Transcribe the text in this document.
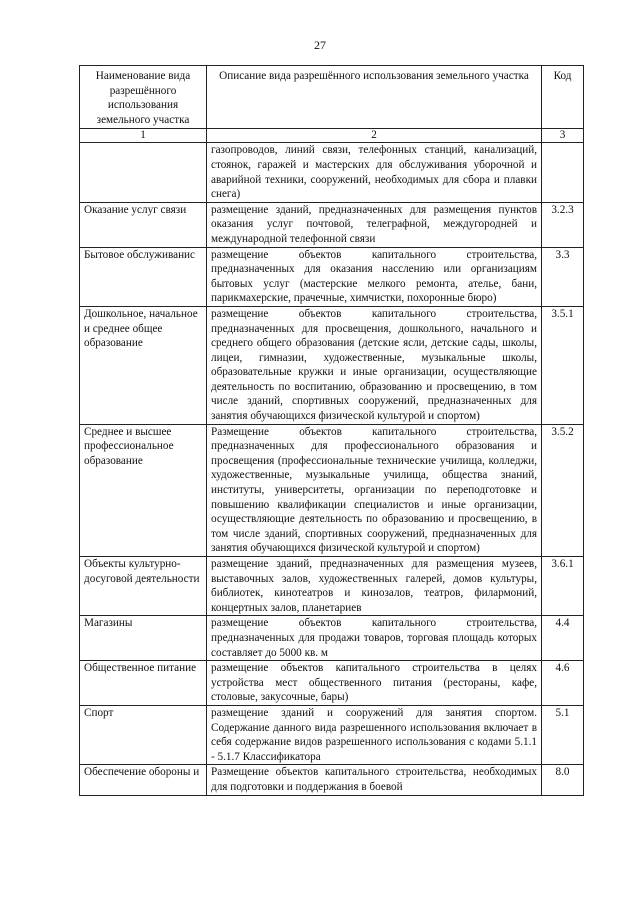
27
Наименование вида разрешённого использования земельного участка	Описание вида разрешённого использования земельного участка	Код
1	2	3
	газопроводов, линий связи, телефонных станций, канализаций, стоянок, гаражей и мастерских для обслуживания уборочной и аварийной техники, сооружений, необходимых для сбора и плавки снега)	
Оказание услуг связи	размещение зданий, предназначенных для размещения пунктов оказания услуг почтовой, телеграфной, междугородней и международной телефонной связи	3.2.3
Бытовое обслуживанис	размещение объектов капитального строительства, предназначенных для оказания насслению или организациям бытовых услуг (мастерские мелкого ремонта, ателье, бани, парикмахерские, прачечные, химчистки, похоронные бюро)	3.3
Дошкольное, начальное и среднее общее образование	размещение объектов капитального строительства, предназначенных для просвещения, дошкольного, начального и среднего общего образования (детские ясли, детские сады, школы, лицеи, гимназии, художественные, музыкальные школы, образовательные кружки и иные организации, осуществляющие деятельность по воспитанию, образованию и просвещению, в том числе зданий, спортивных сооружений, предназначенных для занятия обучающихся физической культурой и спортом)	3.5.1
Среднее и высшее профессиональное образование	Размещение объектов капитального строительства, предназначенных для профессионального образования и просвещения (профессиональные технические училища, колледжи, художественные, музыкальные училища, общества знаний, институты, университеты, организации по переподготовке и повышению квалификации специалистов и иные организации, осуществляющие деятельность по образованию и просвещению, в том числе зданий, спортивных сооружений, предназначенных для занятия обучающихся физической культурой и спортом)	3.5.2
Объекты культурно-досуговой деятельности	размещение зданий, предназначенных для размещения музеев, выставочных залов, художественных галерей, домов культуры, библиотек, кинотеатров и кинозалов, театров, филармоний, концертных залов, планетариев	3.6.1
Магазины	размещение объектов капитального строительства, предназначенных для продажи товаров, торговая площадь которых составляет до 5000 кв. м	4.4
Общественное питание	размещение объектов капитального строительства в целях устройства мест общественного питания (рестораны, кафе, столовые, закусочные, бары)	4.6
Спорт	размещение зданий и сооружений для занятия спортом. Содержание данного вида разрешенного использования включает в себя содержание видов разрешенного использования с кодами 5.1.1 - 5.1.7 Классификатора	5.1
Обеспечение обороны и	Размещение объектов капитального строительства, необходимых для подготовки и поддержания в боевой	8.0
